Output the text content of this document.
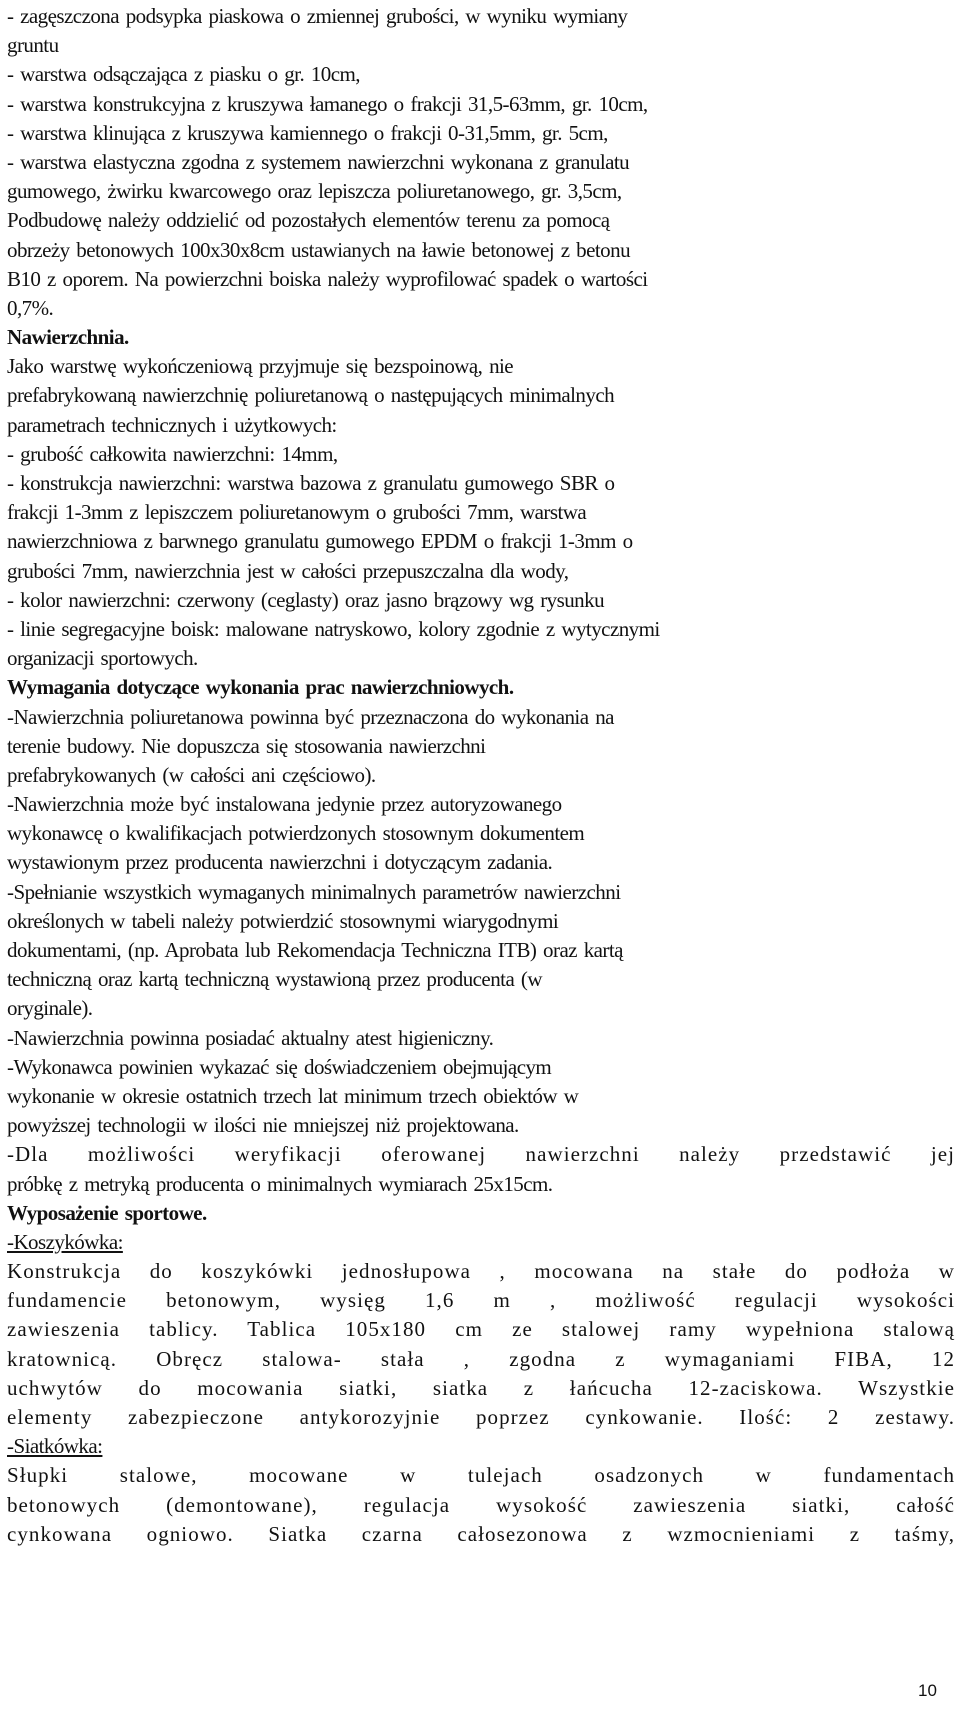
- zagęszczona podsypka piaskowa o zmiennej grubości, w wyniku wymiany
gruntu
- warstwa odsączająca z piasku o gr. 10cm,
- warstwa konstrukcyjna z kruszywa łamanego o frakcji 31,5-63mm, gr. 10cm,
- warstwa klinująca z kruszywa kamiennego o frakcji 0-31,5mm, gr. 5cm,
- warstwa elastyczna zgodna z systemem nawierzchni wykonana z granulatu
gumowego, żwirku kwarcowego oraz lepiszcza poliuretanowego, gr. 3,5cm,
Podbudowę należy oddzielić od pozostałych elementów terenu za pomocą
obrzeży betonowych 100x30x8cm ustawianych na ławie betonowej z betonu
B10 z oporem. Na powierzchni boiska należy wyprofilować spadek o wartości
0,7%.
Nawierzchnia.
Jako warstwę wykończeniową przyjmuje się bezspoinową, nie
prefabrykowaną nawierzchnię poliuretanową o następujących minimalnych
parametrach technicznych i użytkowych:
- grubość całkowita nawierzchni: 14mm,
- konstrukcja nawierzchni: warstwa bazowa z granulatu gumowego SBR o
frakcji 1-3mm z lepiszczem poliuretanowym o grubości 7mm, warstwa
nawierzchniowa z barwnego granulatu gumowego EPDM o frakcji 1-3mm o
grubości 7mm, nawierzchnia jest w całości przepuszczalna dla wody,
- kolor nawierzchni: czerwony (ceglasty) oraz jasno brązowy wg rysunku
- linie segregacyjne boisk: malowane natryskowo, kolory zgodnie z wytycznymi
organizacji sportowych.
Wymagania dotyczące wykonania prac nawierzchniowych.
-Nawierzchnia poliuretanowa powinna być przeznaczona do wykonania na
terenie budowy. Nie dopuszcza się stosowania nawierzchni
prefabrykowanych (w całości ani częściowo).
-Nawierzchnia może być instalowana jedynie przez autoryzowanego
wykonawcę o kwalifikacjach potwierdzonych stosownym dokumentem
wystawionym przez producenta nawierzchni i dotyczącym zadania.
-Spełnianie wszystkich wymaganych minimalnych parametrów nawierzchni
określonych w tabeli należy potwierdzić stosownymi wiarygodnymi
dokumentami, (np. Aprobata lub Rekomendacja Techniczna ITB) oraz kartą
techniczną oraz kartą techniczną wystawioną przez producenta (w
oryginale).
-Nawierzchnia powinna posiadać aktualny atest higieniczny.
-Wykonawca powinien wykazać się doświadczeniem obejmującym
wykonanie w okresie ostatnich trzech lat minimum trzech obiektów w
powyższej technologii w ilości nie mniejszej niż projektowana.
-Dla możliwości weryfikacji oferowanej nawierzchni należy przedstawić jej
próbkę z metryką producenta o minimalnych wymiarach 25x15cm.
Wyposażenie sportowe.
-Koszykówka:
Konstrukcja do koszykówki jednosłupowa , mocowana na stałe do podłoża w
fundamencie betonowym, wysięg 1,6 m , możliwość regulacji wysokości
zawieszenia tablicy. Tablica 105x180 cm ze stalowej ramy wypełniona stalową
kratownicą. Obręcz stalowa- stała , zgodna z wymaganiami FIBA, 12
uchwytów do mocowania siatki, siatka z łańcucha 12-zaciskowa. Wszystkie
elementy zabezpieczone antykorozyjnie poprzez cynkowanie. Ilość: 2 zestawy.
-Siatkówka:
Słupki stalowe, mocowane w tulejach osadzonych w fundamentach
betonowych (demontowane), regulacja wysokość zawieszenia siatki, całość
cynkowana ogniowo. Siatka czarna całosezonowa z wzmocnieniami z taśmy,
10
